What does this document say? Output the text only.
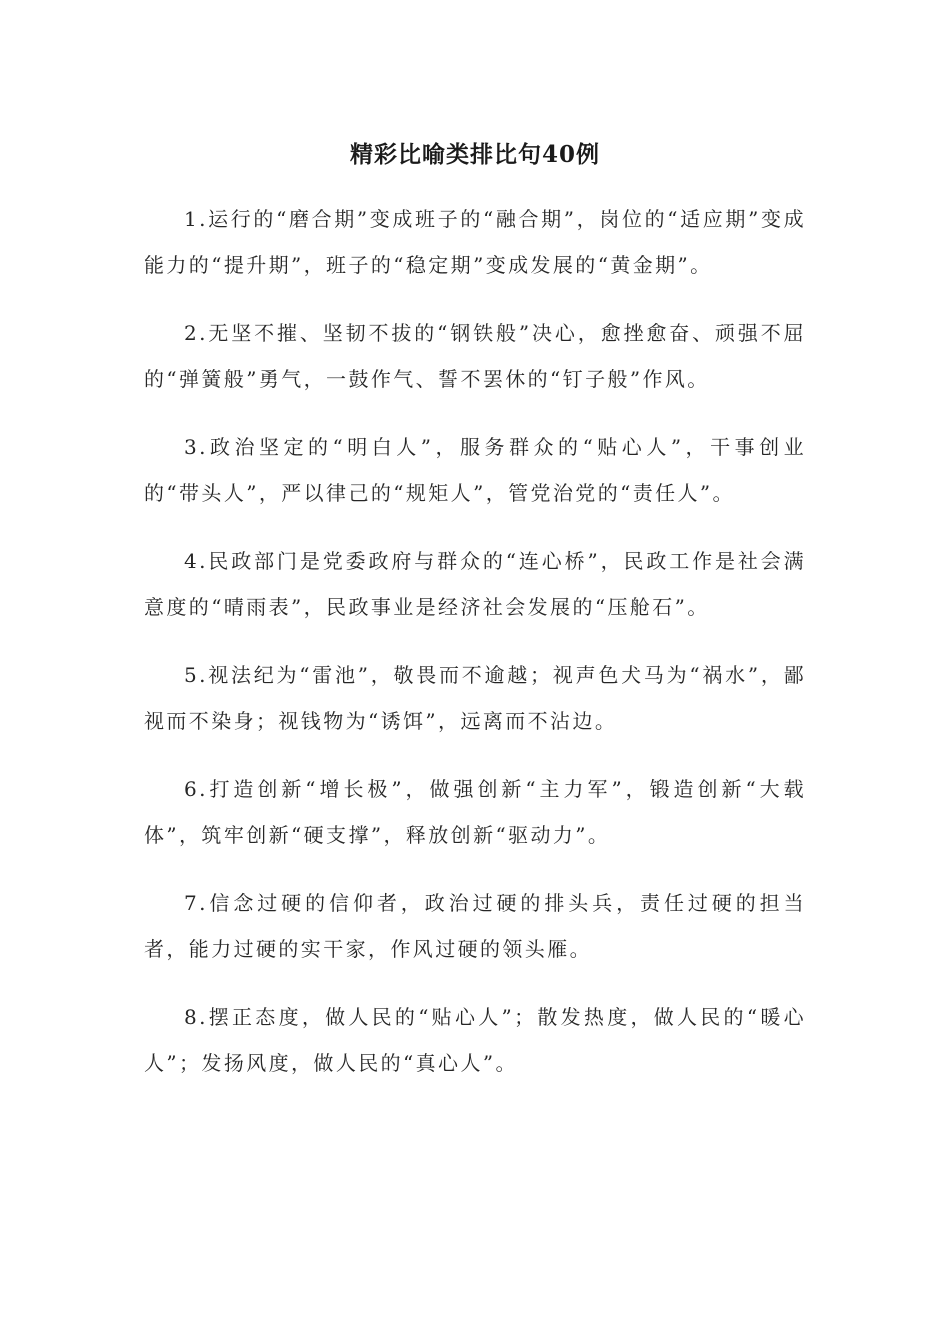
精彩比喻类排比句40例

1.运行的“磨合期”变成班子的“融合期”，岗位的“适应期”变成能力的“提升期”，班子的“稳定期”变成发展的“黄金期”。

2.无坚不摧、坚韧不拔的“钢铁般”决心，愈挫愈奋、顽强不屈的“弹簧般”勇气，一鼓作气、誓不罢休的“钉子般”作风。

3.政治坚定的“明白人”，服务群众的“贴心人”，干事创业的“带头人”，严以律己的“规矩人”，管党治党的“责任人”。

4.民政部门是党委政府与群众的“连心桥”，民政工作是社会满意度的“晴雨表”，民政事业是经济社会发展的“压舱石”。

5.视法纪为“雷池”，敬畏而不逾越；视声色犬马为“祸水”，鄙视而不染身；视钱物为“诱饵”，远离而不沾边。

6.打造创新“增长极”，做强创新“主力军”，锻造创新“大载体”，筑牢创新“硬支撑”，释放创新“驱动力”。

7.信念过硬的信仰者，政治过硬的排头兵，责任过硬的担当者，能力过硬的实干家，作风过硬的领头雁。

8.摆正态度，做人民的“贴心人”；散发热度，做人民的“暖心人”；发扬风度，做人民的“真心人”。
